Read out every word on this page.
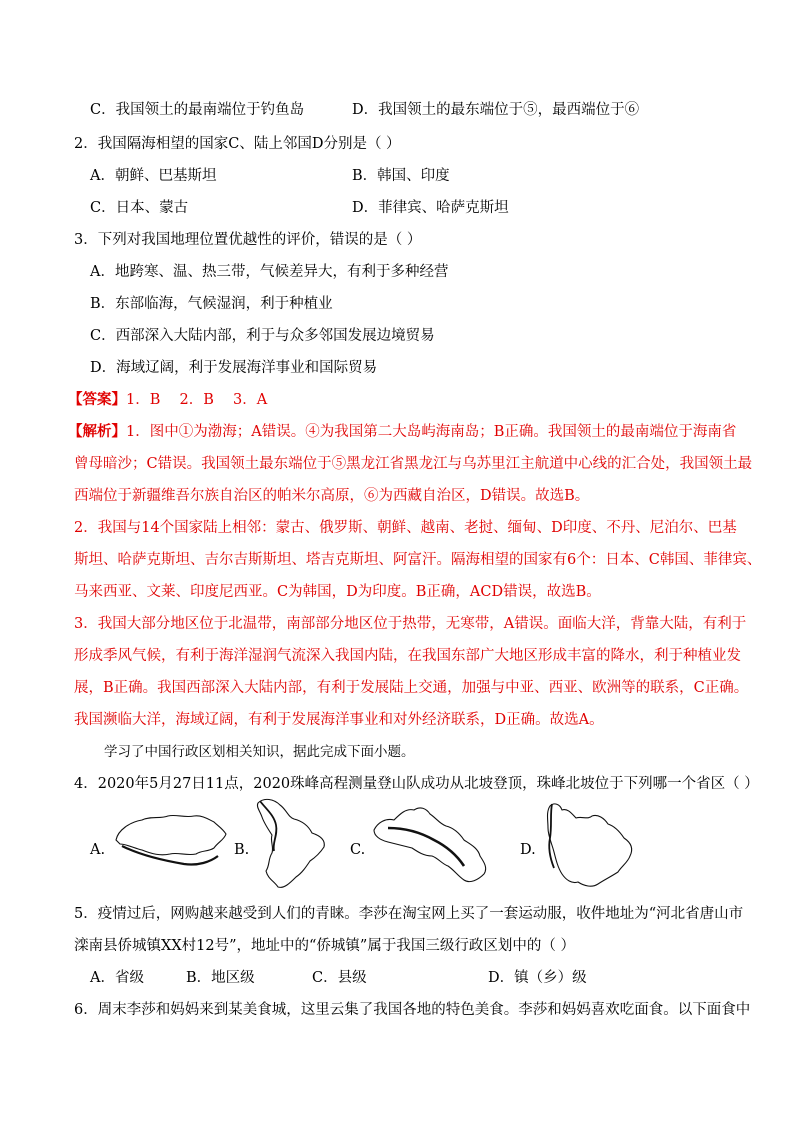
C．我国领土的最南端位于钓鱼岛	D．我国领土的最东端位于⑤，最西端位于⑥
2．我国隔海相望的国家C、陆上邻国D分别是（ ）
A．朝鲜、巴基斯坦	B．韩国、印度
C．日本、蒙古	D．菲律宾、哈萨克斯坦
3．下列对我国地理位置优越性的评价，错误的是（ ）
A．地跨寒、温、热三带，气候差异大，有利于多种经营
B．东部临海，气候湿润，利于种植业
C．西部深入大陆内部，利于与众多邻国发展边境贸易
D．海域辽阔，利于发展海洋事业和国际贸易
【答案】1．B　 2．B　 3．A
【解析】1．图中①为渤海；A错误。④为我国第二大岛屿海南岛；B正确。我国领土的最南端位于海南省
曾母暗沙；C错误。我国领土最东端位于⑤黑龙江省黑龙江与乌苏里江主航道中心线的汇合处，我国领土最
西端位于新疆维吾尔族自治区的帕米尔高原，⑥为西藏自治区，D错误。故选B。
2．我国与14个国家陆上相邻：蒙古、俄罗斯、朝鲜、越南、老挝、缅甸、D印度、不丹、尼泊尔、巴基
斯坦、哈萨克斯坦、吉尔吉斯斯坦、塔吉克斯坦、阿富汗。隔海相望的国家有6个：日本、C韩国、菲律宾、
马来西亚、文莱、印度尼西亚。C为韩国，D为印度。B正确，ACD错误，故选B。
3．我国大部分地区位于北温带，南部部分地区位于热带，无寒带，A错误。面临大洋，背靠大陆，有利于
形成季风气候，有利于海洋湿润气流深入我国内陆，在我国东部广大地区形成丰富的降水，利于种植业发
展，B正确。我国西部深入大陆内部，有利于发展陆上交通，加强与中亚、西亚、欧洲等的联系，C正确。
我国濒临大洋，海域辽阔，有利于发展海洋事业和对外经济联系，D正确。故选A。
学习了中国行政区划相关知识，据此完成下面小题。
4．2020年5月27日11点，2020珠峰高程测量登山队成功从北坡登顶，珠峰北坡位于下列哪一个省区（ ）
A.	B.	C.	D.
5．疫情过后，网购越来越受到人们的青睐。李莎在淘宝网上买了一套运动服，收件地址为“河北省唐山市
滦南县侨城镇XX村12号”，地址中的“侨城镇”属于我国三级行政区划中的（ ）
A．省级	B．地区级	C．县级	D．镇（乡）级
6．周末李莎和妈妈来到某美食城，这里云集了我国各地的特色美食。李莎和妈妈喜欢吃面食。以下面食中
